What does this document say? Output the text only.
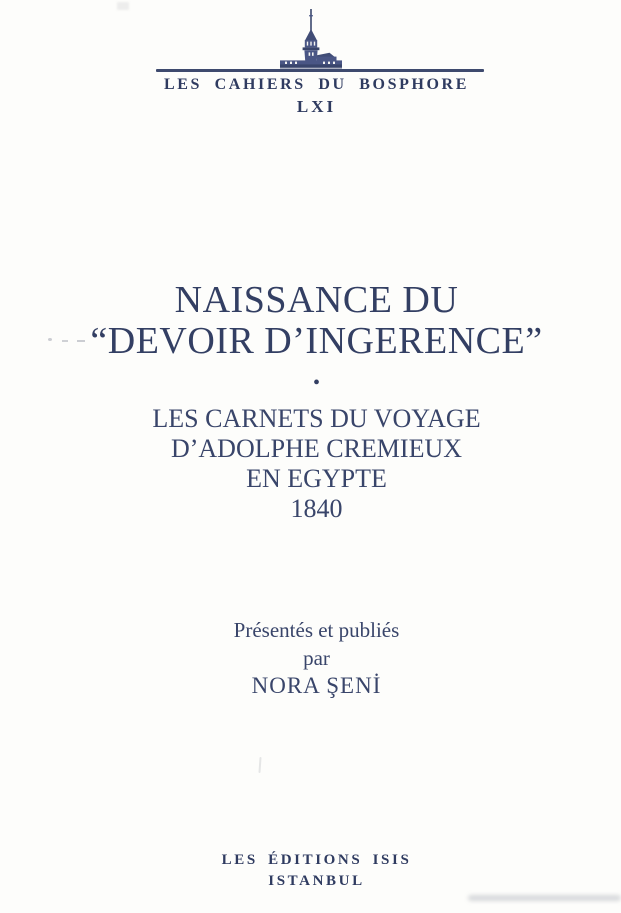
LES CAHIERS DU BOSPHORE
LXI
NAISSANCE DU
“DEVOIR D’INGERENCE”
•
LES CARNETS DU VOYAGE
D’ADOLPHE CREMIEUX
EN EGYPTE
1840
Présentés et publiés
par
NORA ŞENİ
LES ÉDITIONS ISIS
ISTANBUL
